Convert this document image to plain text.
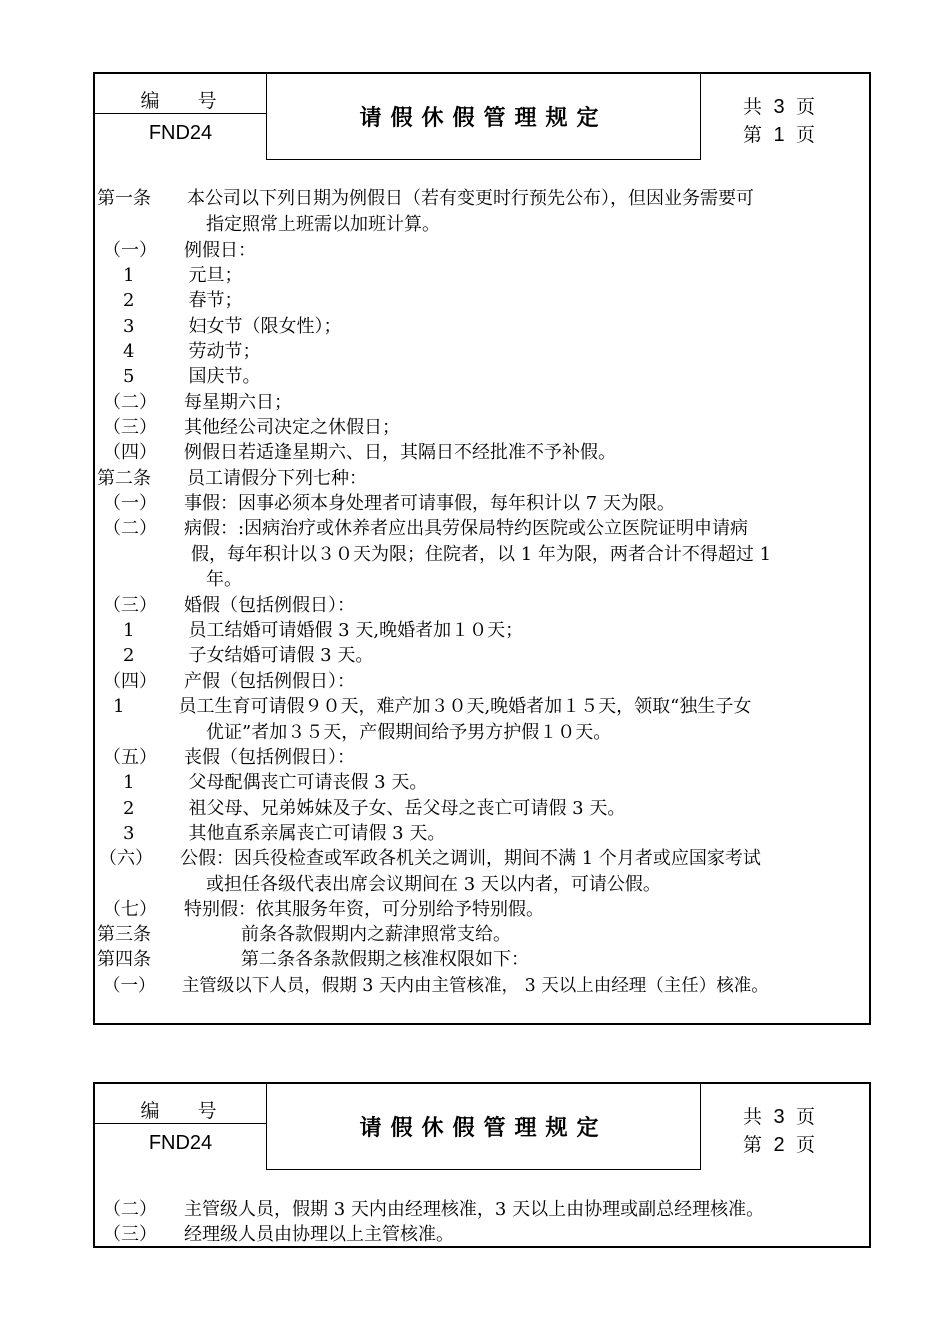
编 号
FND24
请假休假管理规定	共 3 页
第 1 页
第一条　　本公司以下列日期为例假日（若有变更时行预先公布），但因业务需要可
指定照常上班需以加班计算。
（一）　　例假日：
1　　　元旦；
2　　　春节；
3　　　妇女节（限女性）；
4　　　劳动节；
5　　　国庆节。
（二）　　每星期六日；
（三）　　其他经公司决定之休假日；
（四）　　例假日若适逢星期六、日，其隔日不经批准不予补假。
第二条　　员工请假分下列七种：
（一）　　事假：因事必须本身处理者可请事假，每年积计以 7 天为限。
（二）　　病假：:因病治疗或休养者应出具劳保局特约医院或公立医院证明申请病
假，每年积计以３０天为限；住院者，以 1 年为限，两者合计不得超过 1
年。
（三）　　婚假（包括例假日）：
1　　　员工结婚可请婚假 3 天,晚婚者加１０天；
2　　　子女结婚可请假 3 天。
（四）　　产假（包括例假日）：
1　　　员工生育可请假９０天，难产加３０天,晚婚者加１５天，领取“独生子女
优证”者加３５天，产假期间给予男方护假１０天。
（五）　　丧假（包括例假日）：
1　　　父母配偶丧亡可请丧假 3 天。
2　　　祖父母、兄弟姊妹及子女、岳父母之丧亡可请假 3 天。
3　　　其他直系亲属丧亡可请假 3 天。
（六）　　公假：因兵役检查或军政各机关之调训，期间不满 1 个月者或应国家考试
或担任各级代表出席会议期间在 3 天以内者，可请公假。
（七）　　特别假：依其服务年资，可分别给予特别假。
第三条　　　　　前条各款假期内之薪津照常支给。
第四条　　　　　第二条各条款假期之核准权限如下：
（一）　　主管级以下人员，假期 3 天内由主管核准， 3 天以上由经理（主任）核准。
编 号
FND24
请假休假管理规定	共 3 页
第 2 页
（二）　　主管级人员，假期 3 天内由经理核准，3 天以上由协理或副总经理核准。
（三）　　经理级人员由协理以上主管核准。
